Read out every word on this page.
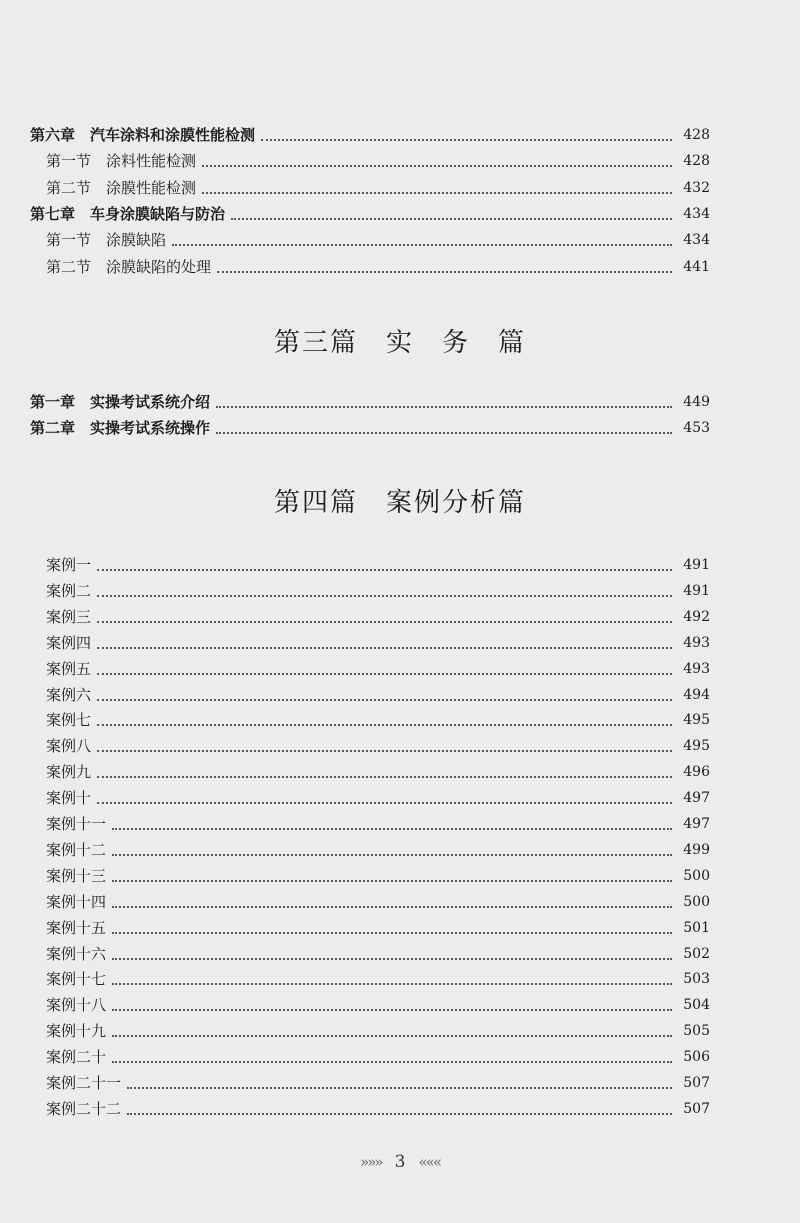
第六章　汽车涂料和涂膜性能检测	428
第一节　涂料性能检测	428
第二节　涂膜性能检测	432
第七章　车身涂膜缺陷与防治	434
第一节　涂膜缺陷	434
第二节　涂膜缺陷的处理	441
第三篇　实　务　篇
第一章　实操考试系统介绍	449
第二章　实操考试系统操作	453
第四篇　案例分析篇
案例一	491
案例二	491
案例三	492
案例四	493
案例五	493
案例六	494
案例七	495
案例八	495
案例九	496
案例十	497
案例十一	497
案例十二	499
案例十三	500
案例十四	500
案例十五	501
案例十六	502
案例十七	503
案例十八	504
案例十九	505
案例二十	506
案例二十一	507
案例二十二	507
»»» 3 «««
